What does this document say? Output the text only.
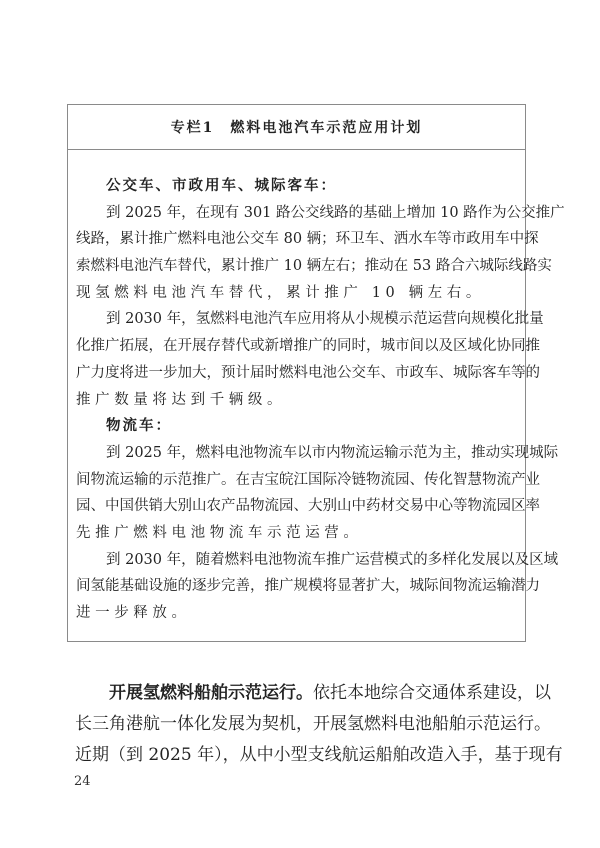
专栏1　燃料电池汽车示范应用计划
公交车、市政用车、城际客车：
到 2025 年，在现有 301 路公交线路的基础上增加 10 路作为公交推广
线路，累计推广燃料电池公交车 80 辆；环卫车、洒水车等市政用车中探
索燃料电池汽车替代，累计推广 10 辆左右；推动在 53 路合六城际线路实
现氢燃料电池汽车替代，累计推广 10 辆左右。
到 2030 年，氢燃料电池汽车应用将从小规模示范运营向规模化批量
化推广拓展，在开展存替代或新增推广的同时，城市间以及区域化协同推
广力度将进一步加大，预计届时燃料电池公交车、市政车、城际客车等的
推广数量将达到千辆级。
物流车：
到 2025 年，燃料电池物流车以市内物流运输示范为主，推动实现城际
间物流运输的示范推广。在吉宝皖江国际冷链物流园、传化智慧物流产业
园、中国供销大别山农产品物流园、大别山中药材交易中心等物流园区率
先推广燃料电池物流车示范运营。
到 2030 年，随着燃料电池物流车推广运营模式的多样化发展以及区域
间氢能基础设施的逐步完善，推广规模将显著扩大，城际间物流运输潜力
进一步释放。
开展氢燃料船舶示范运行。依托本地综合交通体系建设，以
长三角港航一体化发展为契机，开展氢燃料电池船舶示范运行。
近期（到 2025 年），从中小型支线航运船舶改造入手，基于现有
24
